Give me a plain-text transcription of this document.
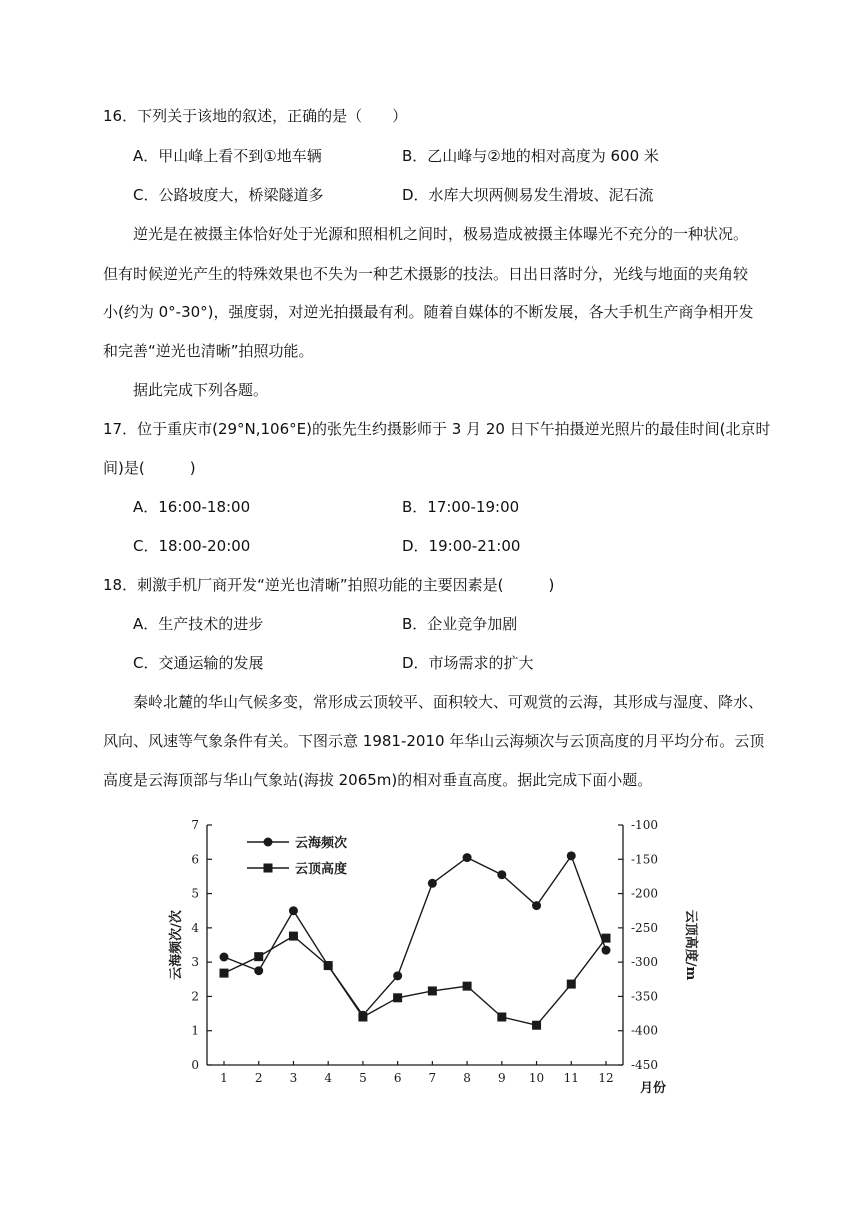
16．下列关于该地的叙述，正确的是（　　）
A．甲山峰上看不到①地车辆	B．乙山峰与②地的相对高度为 600 米
C．公路坡度大，桥梁隧道多	D．水库大坝两侧易发生滑坡、泥石流
逆光是在被摄主体恰好处于光源和照相机之间时，极易造成被摄主体曝光不充分的一种状况。
但有时候逆光产生的特殊效果也不失为一种艺术摄影的技法。日出日落时分，光线与地面的夹角较
小(约为 0°-30°)，强度弱，对逆光拍摄最有利。随着自媒体的不断发展，各大手机生产商争相开发
和完善“逆光也清晰”拍照功能。
据此完成下列各题。
17．位于重庆市(29°N,106°E)的张先生约摄影师于 3 月 20 日下午拍摄逆光照片的最佳时间(北京时
间)是(　　　)
A．16:00-18:00	B．17:00-19:00
C．18:00-20:00	D．19:00-21:00
18．刺激手机厂商开发“逆光也清晰”拍照功能的主要因素是(　　　)
A．生产技术的进步	B．企业竞争加剧
C．交通运输的发展	D．市场需求的扩大
秦岭北麓的华山气候多变，常形成云顶较平、面积较大、可观赏的云海，其形成与湿度、降水、
风向、风速等气象条件有关。下图示意 1981-2010 年华山云海频次与云顶高度的月平均分布。云顶
高度是云海顶部与华山气象站(海拔 2065m)的相对垂直高度。据此完成下面小题。
0
1
2
3
4
5
6
7	-100
-150
-200
-250
-300
-350
-400
-450
1 2 3 4 5 6 7 8 9 10 11 12
云海频次/次	云顶高度/m
月份
云海频次
云顶高度
